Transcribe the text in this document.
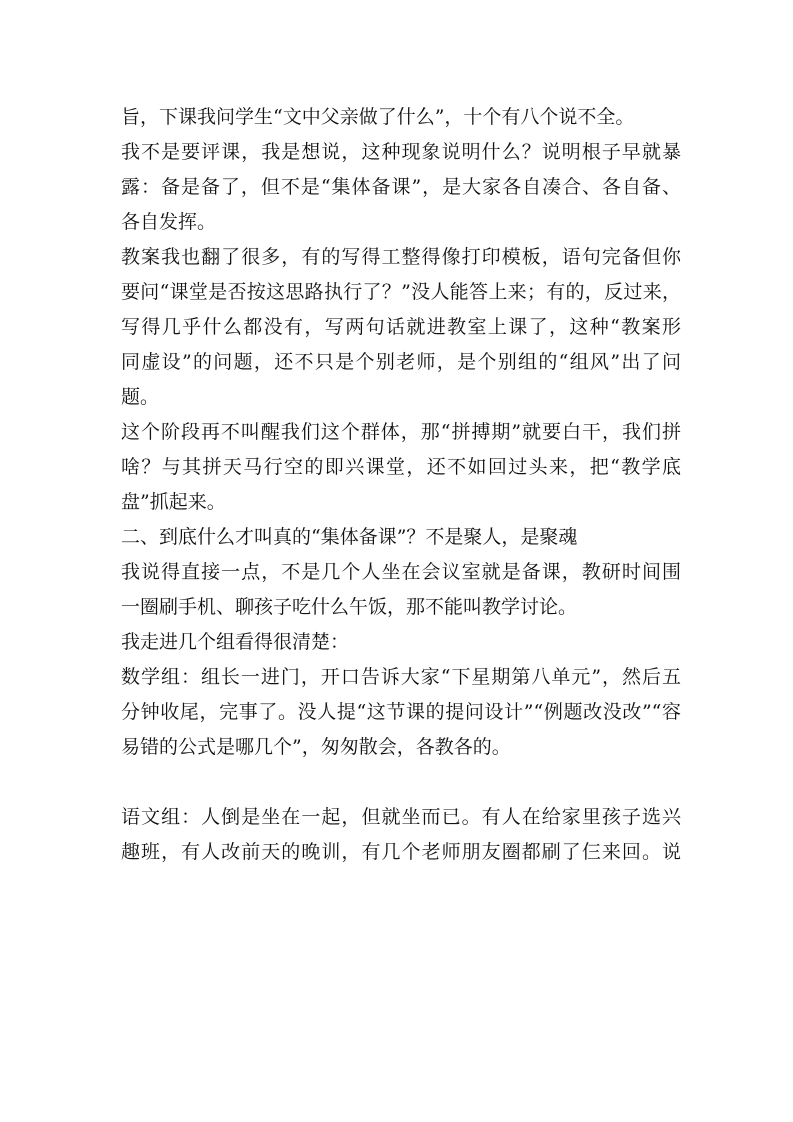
旨，下课我问学生“文中父亲做了什么”，十个有八个说不全。
我不是要评课，我是想说，这种现象说明什么？说明根子早就暴
露：备是备了，但不是“集体备课”，是大家各自凑合、各自备、
各自发挥。
教案我也翻了很多，有的写得工整得像打印模板，语句完备但你
要问“课堂是否按这思路执行了？”没人能答上来；有的，反过来，
写得几乎什么都没有，写两句话就进教室上课了，这种“教案形
同虚设”的问题，还不只是个别老师，是个别组的“组风”出了问
题。
这个阶段再不叫醒我们这个群体，那“拼搏期”就要白干，我们拼
啥？与其拼天马行空的即兴课堂，还不如回过头来，把“教学底
盘”抓起来。
二、到底什么才叫真的“集体备课”？不是聚人，是聚魂
我说得直接一点，不是几个人坐在会议室就是备课，教研时间围
一圈刷手机、聊孩子吃什么午饭，那不能叫教学讨论。
我走进几个组看得很清楚：
数学组：组长一进门，开口告诉大家“下星期第八单元”，然后五
分钟收尾，完事了。没人提“这节课的提问设计”“例题改没改”“容
易错的公式是哪几个”，匆匆散会，各教各的。
语文组：人倒是坐在一起，但就坐而已。有人在给家里孩子选兴
趣班，有人改前天的晚训，有几个老师朋友圈都刷了仨来回。说
